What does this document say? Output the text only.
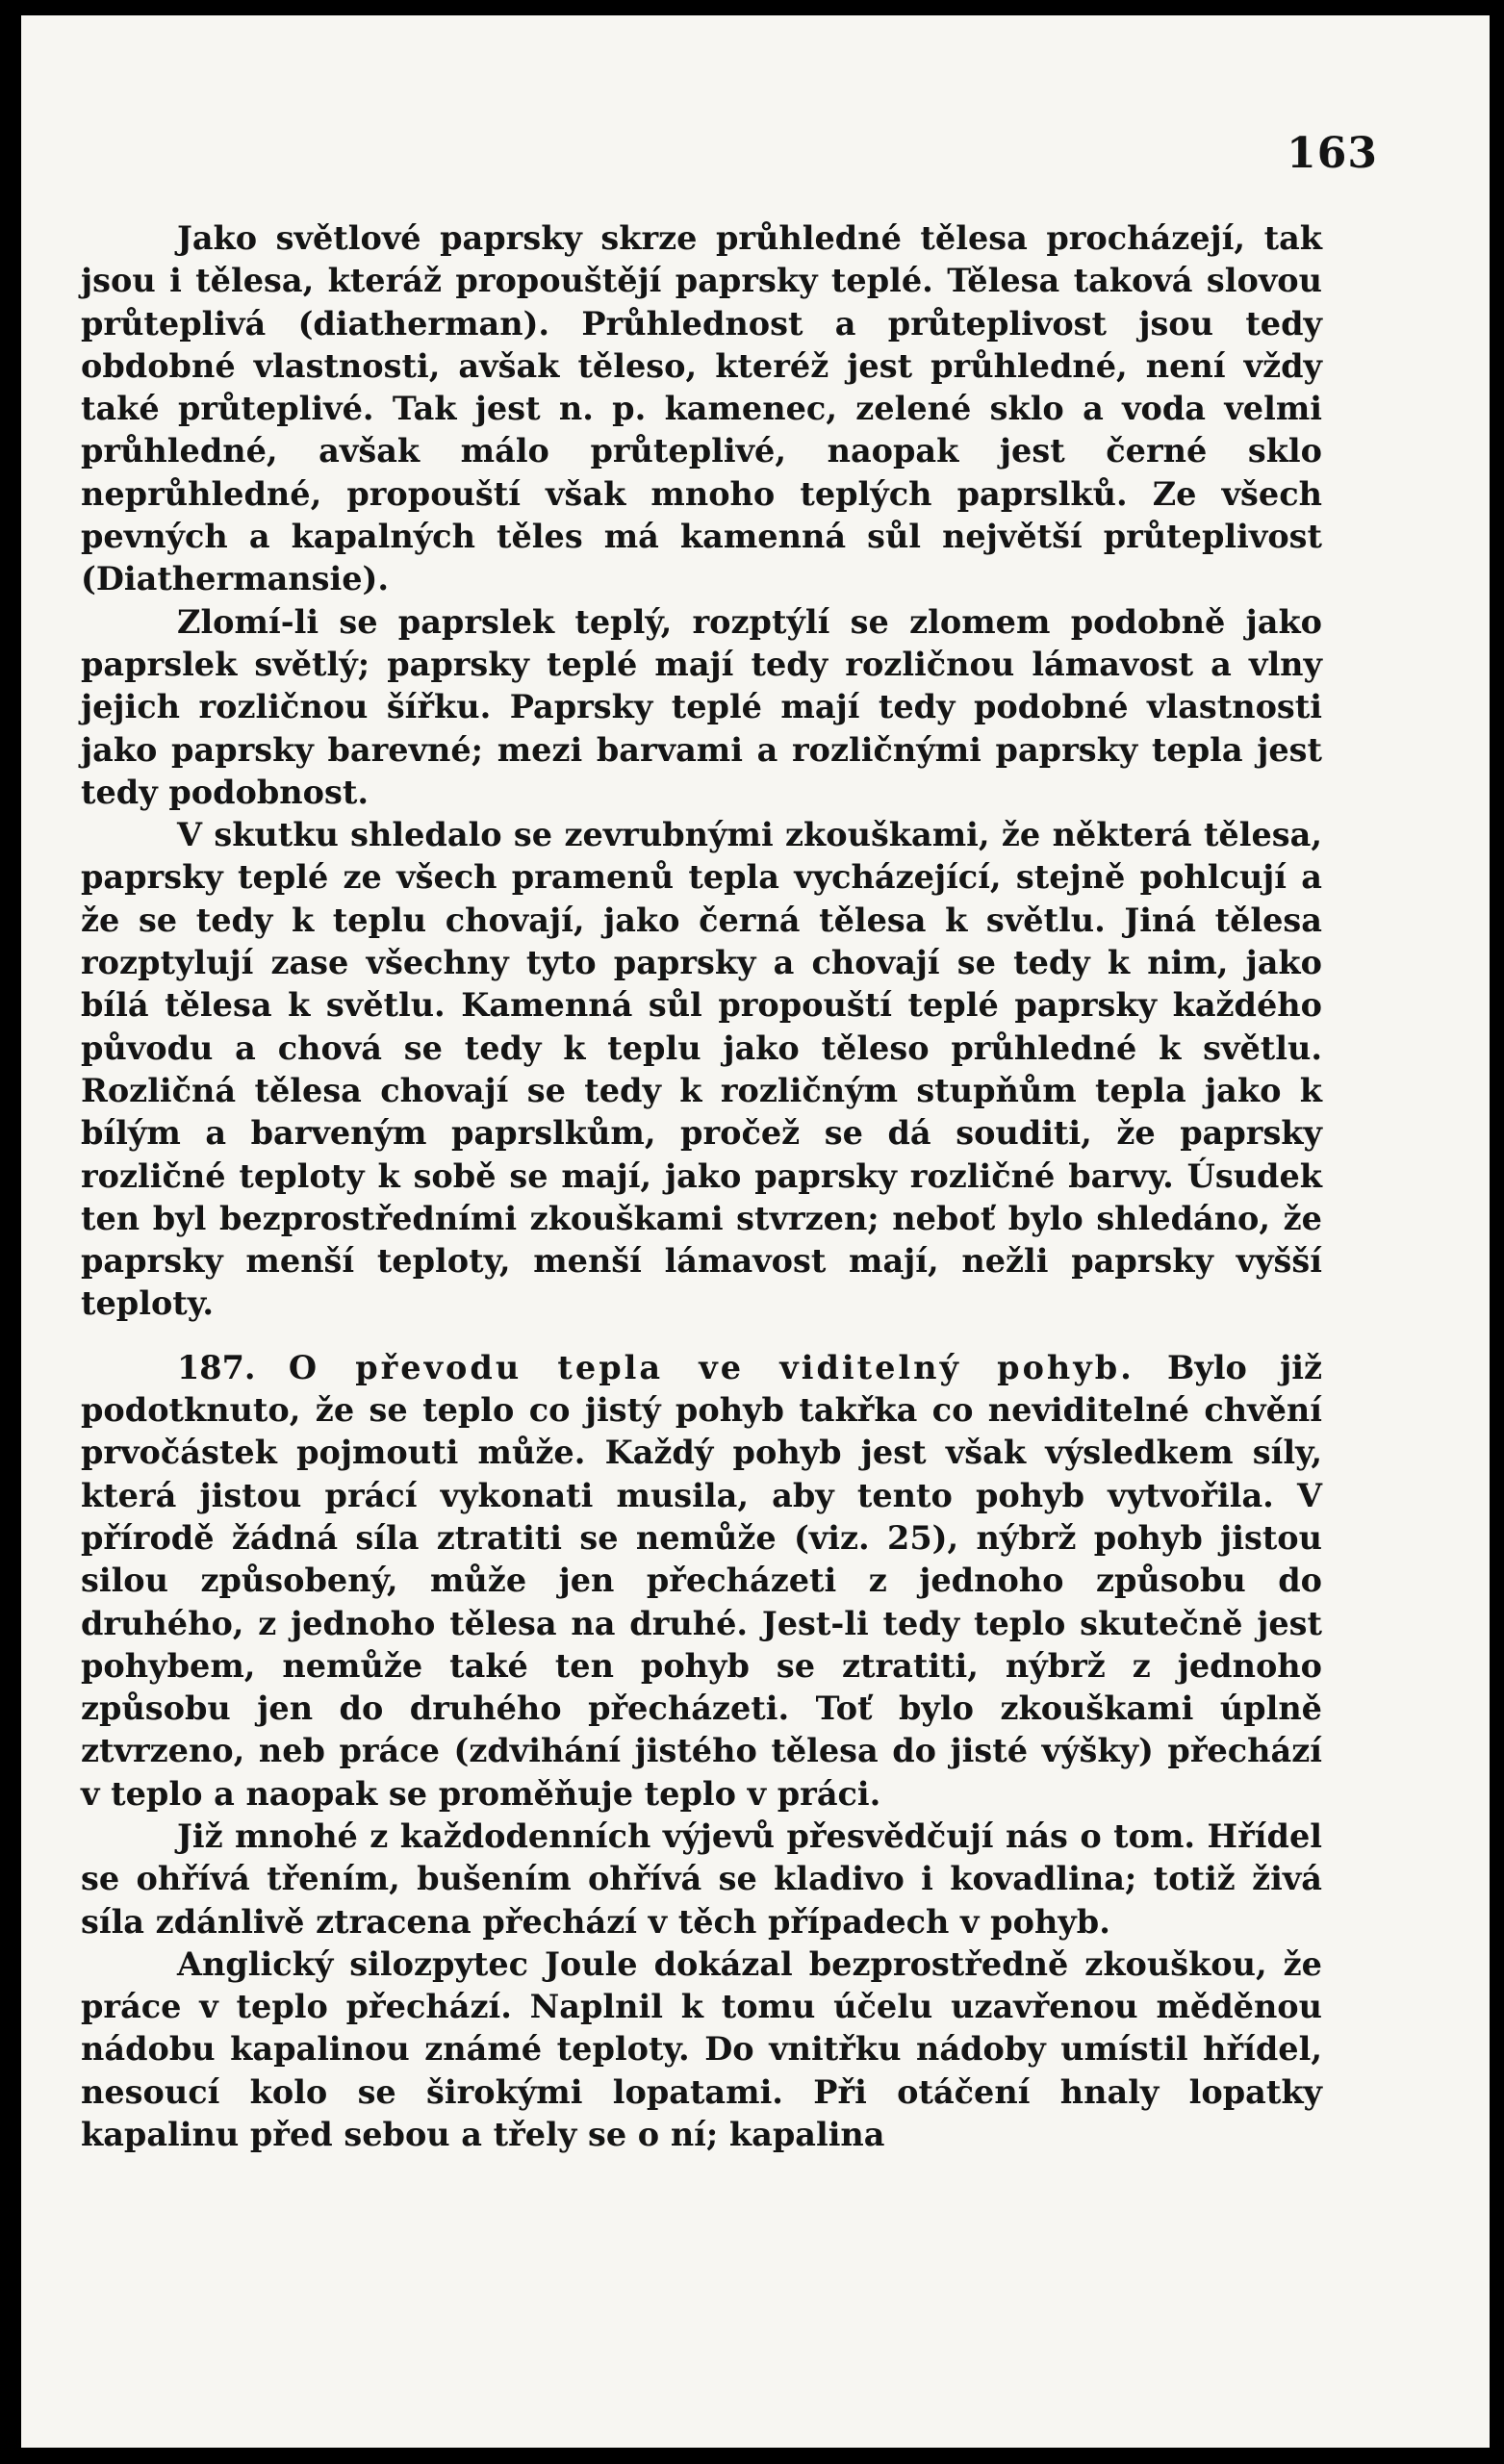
163

Jako světlové paprsky skrze průhledné tělesa procházejí, tak jsou i tělesa, kteráž propouštějí paprsky teplé. Tělesa taková slovou průteplivá (diatherman). Průhlednost a průteplivost jsou tedy obdobné vlastnosti, avšak těleso, kteréž jest průhledné, není vždy také průteplivé. Tak jest n. p. kamenec, zelené sklo a voda velmi průhledné, avšak málo průteplivé, naopak jest černé sklo neprůhledné, propouští však mnoho teplých paprslků. Ze všech pevných a kapalných těles má kamenná sůl největší průteplivost (Diathermansie).

Zlomí-li se paprslek teplý, rozptýlí se zlomem podobně jako paprslek světlý; paprsky teplé mají tedy rozličnou lámavost a vlny jejich rozličnou šířku. Paprsky teplé mají tedy podobné vlastnosti jako paprsky barevné; mezi barvami a rozličnými paprsky tepla jest tedy podobnost.

V skutku shledalo se zevrubnými zkouškami, že některá tělesa, paprsky teplé ze všech pramenů tepla vycházející, stejně pohlcují a že se tedy k teplu chovají, jako černá tělesa k světlu. Jiná tělesa rozptylují zase všechny tyto paprsky a chovají se tedy k nim, jako bílá tělesa k světlu. Kamenná sůl propouští teplé paprsky každého původu a chová se tedy k teplu jako těleso průhledné k světlu. Rozličná tělesa chovají se tedy k rozličným stupňům tepla jako k bílým a barveným paprslkům, pročež se dá souditi, že paprsky rozličné teploty k sobě se mají, jako paprsky rozličné barvy. Úsudek ten byl bezprostředními zkouškami stvrzen; neboť bylo shledáno, že paprsky menší teploty, menší lámavost mají, nežli paprsky vyšší teploty.

187. O převodu tepla ve viditelný pohyb. Bylo již podotknuto, že se teplo co jistý pohyb takřka co neviditelné chvění prvočástek pojmouti může. Každý pohyb jest však výsledkem síly, která jistou prácí vykonati musila, aby tento pohyb vytvořila. V přírodě žádná síla ztratiti se nemůže (viz. 25), nýbrž pohyb jistou silou způsobený, může jen přecházeti z jednoho způsobu do druhého, z jednoho tělesa na druhé. Jest-li tedy teplo skutečně jest pohybem, nemůže také ten pohyb se ztratiti, nýbrž z jednoho způsobu jen do druhého přecházeti. Toť bylo zkouškami úplně ztvrzeno, neb práce (zdvihání jistého tělesa do jisté výšky) přechází v teplo a naopak se proměňuje teplo v práci.

Již mnohé z každodenních výjevů přesvědčují nás o tom. Hřídel se ohřívá třením, bušením ohřívá se kladivo i kovadlina; totiž živá síla zdánlivě ztracena přechází v těch případech v pohyb.

Anglický silozpytec Joule dokázal bezprostředně zkouškou, že práce v teplo přechází. Naplnil k tomu účelu uzavřenou měděnou nádobu kapalinou známé teploty. Do vnitřku nádoby umístil hřídel, nesoucí kolo se širokými lopatami. Při otáčení hnaly lopatky kapalinu před sebou a třely se o ní; kapalina
